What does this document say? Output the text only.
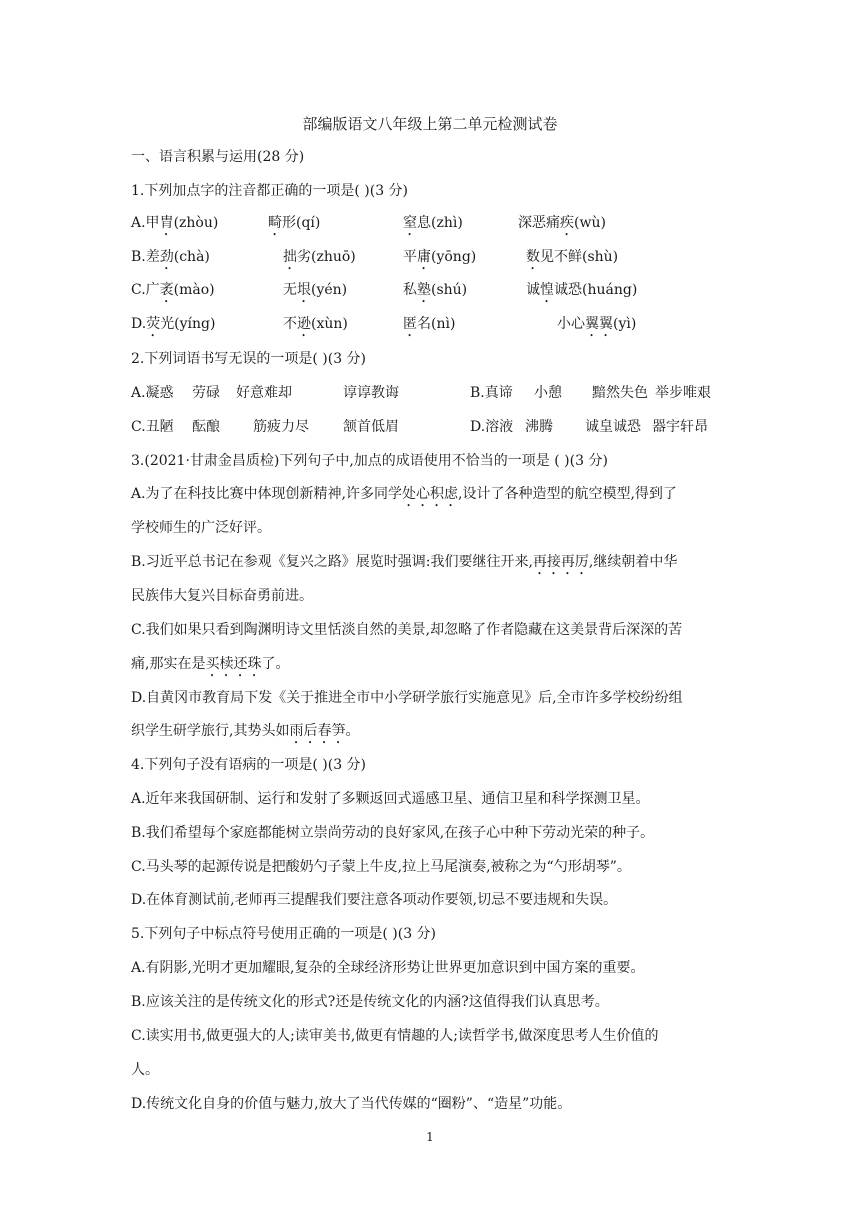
部编版语文八年级上第二单元检测试卷
一、语言积累与运用(28 分)
1.下列加点字的注音都正确的一项是( )(3 分)
A.甲胄(zhòu)	畸形(qí)	窒息(zhì)	深恶痛疾(wù)
B.差劲(chà)	拙劣(zhuō)	平庸(yōng)	数见不鲜(shù)
C.广袤(mào)	无垠(yén)	私塾(shú)	诚惶诚恐(huáng)
D.荧光(yíng)	不逊(xùn)	匿名(nì)	小心翼翼(yì)
2.下列词语书写无误的一项是( )(3 分)
A.凝惑 劳碌 好意难却	谆谆教诲	B.真谛 小憩 黯然失色 举步唯艰
C.丑陋 酝酿 筋疲力尽 颔首低眉	D.溶液 沸腾 诚皇诚恐 器宇轩昂
3.(2021·甘肃金昌质检)下列句子中,加点的成语使用不恰当的一项是 ( )(3 分)
A.为了在科技比赛中体现创新精神,许多同学处心积虑,设计了各种造型的航空模型,得到了
学校师生的广泛好评。
B.习近平总书记在参观《复兴之路》展览时强调:我们要继往开来,再接再厉,继续朝着中华
民族伟大复兴目标奋勇前进。
C.我们如果只看到陶渊明诗文里恬淡自然的美景,却忽略了作者隐藏在这美景背后深深的苦
痛,那实在是买椟还珠了。
D.自黄冈市教育局下发《关于推进全市中小学研学旅行实施意见》后,全市许多学校纷纷组
织学生研学旅行,其势头如雨后春笋。
4.下列句子没有语病的一项是( )(3 分)
A.近年来我国研制、运行和发射了多颗返回式遥感卫星、通信卫星和科学探测卫星。
B.我们希望每个家庭都能树立崇尚劳动的良好家风,在孩子心中种下劳动光荣的种子。
C.马头琴的起源传说是把酸奶勺子蒙上牛皮,拉上马尾演奏,被称之为“勺形胡琴”。
D.在体育测试前,老师再三提醒我们要注意各项动作要领,切忌不要违规和失误。
5.下列句子中标点符号使用正确的一项是( )(3 分)
A.有阴影,光明才更加耀眼,复杂的全球经济形势让世界更加意识到中国方案的重要。
B.应该关注的是传统文化的形式?还是传统文化的内涵?这值得我们认真思考。
C.读实用书,做更强大的人;读审美书,做更有情趣的人;读哲学书,做深度思考人生价值的
人。
D.传统文化自身的价值与魅力,放大了当代传媒的“圈粉”、“造星”功能。
1
